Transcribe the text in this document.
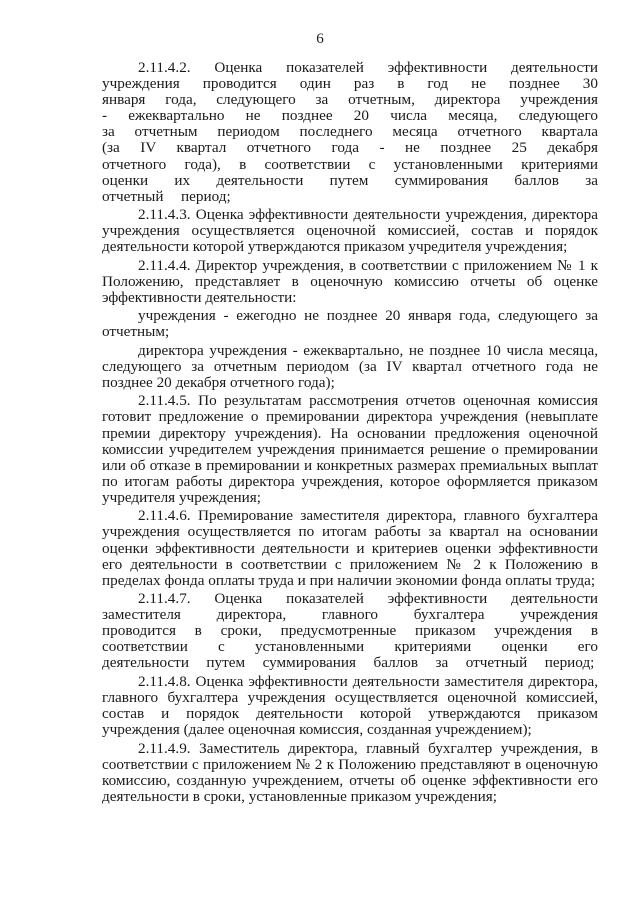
6

2.11.4.2. Оценка показателей эффективности деятельности учреждения проводится один раз в год не позднее 30 января года, следующего за отчетным, директора учреждения - ежеквартально не позднее 20 числа месяца, следующего за отчетным периодом последнего месяца отчетного квартала (за IV квартал отчетного года - не позднее 25 декабря отчетного года), в соответствии с установленными критериями оценки их деятельности путем суммирования баллов за отчетный период;

2.11.4.3. Оценка эффективности деятельности учреждения, директора учреждения осуществляется оценочной комиссией, состав и порядок деятельности которой утверждаются приказом учредителя учреждения;

2.11.4.4. Директор учреждения, в соответствии с приложением № 1 к Положению, представляет в оценочную комиссию отчеты об оценке эффективности деятельности:

учреждения - ежегодно не позднее 20 января года, следующего за отчетным;

директора учреждения - ежеквартально, не позднее 10 числа месяца, следующего за отчетным периодом (за IV квартал отчетного года не позднее 20 декабря отчетного года);

2.11.4.5. По результатам рассмотрения отчетов оценочная комиссия готовит предложение о премировании директора учреждения (невыплате премии директору учреждения). На основании предложения оценочной комиссии учредителем учреждения принимается решение о премировании или об отказе в премировании и конкретных размерах премиальных выплат по итогам работы директора учреждения, которое оформляется приказом учредителя учреждения;

2.11.4.6. Премирование заместителя директора, главного бухгалтера учреждения осуществляется по итогам работы за квартал на основании оценки эффективности деятельности и критериев оценки эффективности его деятельности в соответствии с приложением № 2 к Положению в пределах фонда оплаты труда и при наличии экономии фонда оплаты труда;

2.11.4.7. Оценка показателей эффективности деятельности заместителя директора, главного бухгалтера учреждения проводится в сроки, предусмотренные приказом учреждения в соответствии с установленными критериями оценки его деятельности путем суммирования баллов за отчетный период;

2.11.4.8. Оценка эффективности деятельности заместителя директора, главного бухгалтера учреждения осуществляется оценочной комиссией, состав и порядок деятельности которой утверждаются приказом учреждения (далее оценочная комиссия, созданная учреждением);

2.11.4.9. Заместитель директора, главный бухгалтер учреждения, в соответствии с приложением № 2 к Положению представляют в оценочную комиссию, созданную учреждением, отчеты об оценке эффективности его деятельности в сроки, установленные приказом учреждения;
